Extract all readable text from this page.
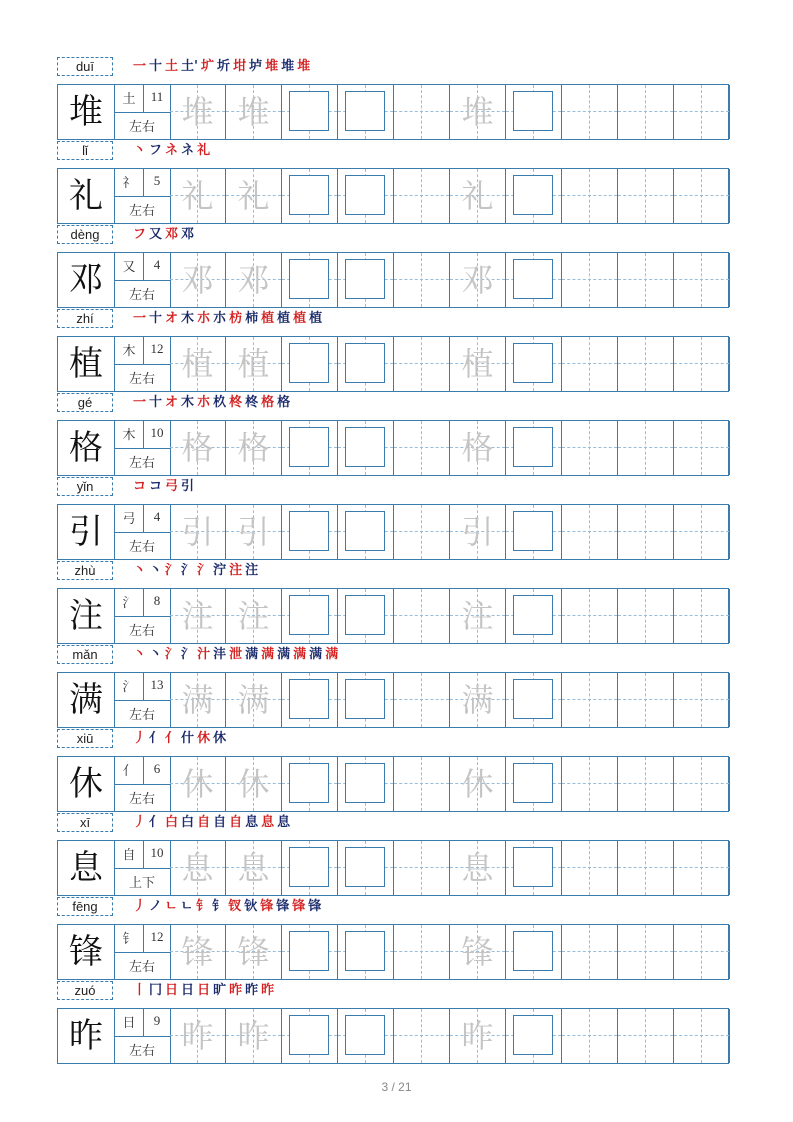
duī	一 十 土 土' 圹 圻 坩 垆 堆 堆 堆
堆	土	11
左右 堆 堆	堆
lǐ	丶 フ ネ ネ 礼
礼	礻	5
左右 礼 礼	礼
dèng	フ 又 邓 邓
邓	又	4
左右 邓 邓	邓
zhí	一 十 オ 木 朩 朩 枋 柿 植 植 植 植
植	木	12
左右 植 植	植
gé	一 十 オ 木 朩 杦 柊 柊 格 格
格	木	10
左右 格 格	格
yǐn	コ コ 弓 引
引	弓	4
左右 引 引	引
zhù	丶 丶 氵 氵 氵 泞 注 注
注	氵	8
左右 注 注	注
mǎn	丶 丶 氵 氵 汁 沣 泄 满 满 满 满 满 满
满	氵	13
左右 满 满	满
xiū	丿 亻 亻 什 休 休
休	亻	6
左右 休 休	休
xī	丿 亻 白 白 自 自 自 息 息 息
息	自	10
上下 息 息	息
fēng	丿 ノ ㄴ ㄴ 钅 钅 钗 钬 锋 锋 锋 锋
锋	钅	12
左右 锋 锋	锋
zuó	丨 冂 日 日 日 旷 昨 昨 昨
昨	日	9
左右 昨 昨	昨
3 / 21
